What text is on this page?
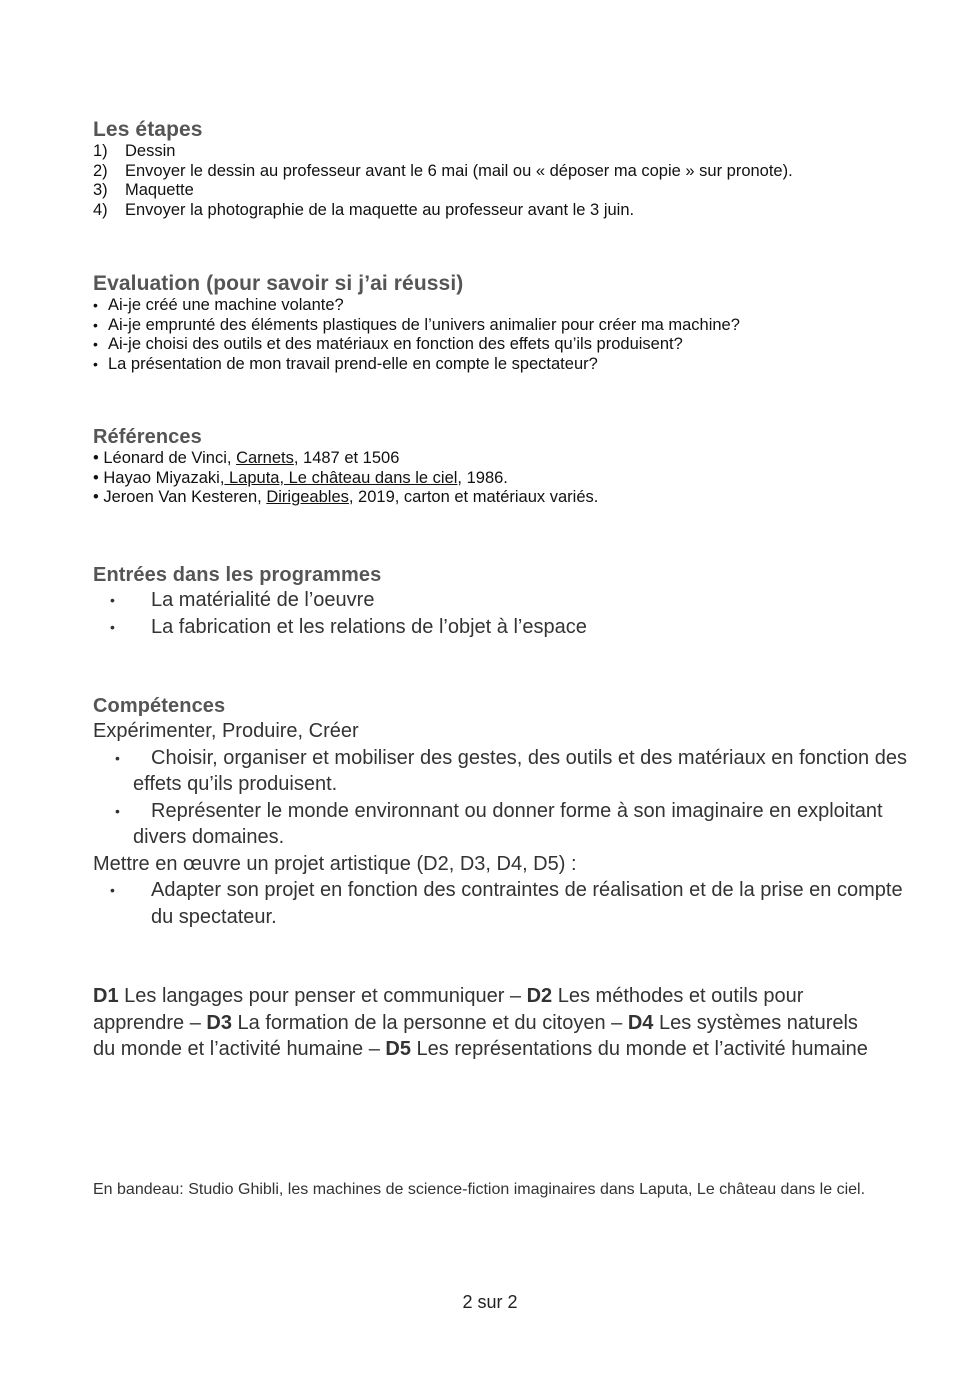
Les étapes
1) Dessin
2) Envoyer le dessin au professeur avant le 6 mai (mail ou « déposer ma copie » sur pronote).
3) Maquette
4) Envoyer la photographie de la maquette au professeur avant le 3 juin.
Evaluation (pour savoir si j’ai réussi)
• Ai-je créé une machine volante?
• Ai-je emprunté des éléments plastiques de l’univers animalier pour créer ma machine?
• Ai-je choisi des outils et des matériaux en fonction des effets qu’ils produisent?
• La présentation de mon travail prend-elle en compte le spectateur?
Références
• Léonard de Vinci, Carnets, 1487 et 1506
• Hayao Miyazaki, Laputa, Le château dans le ciel, 1986.
• Jeroen Van Kesteren, Dirigeables, 2019, carton et matériaux variés.
Entrées dans les programmes
• La matérialité de l’oeuvre
• La fabrication et les relations de l’objet à l’espace
Compétences
Expérimenter, Produire, Créer
• Choisir, organiser et mobiliser des gestes, des outils et des matériaux en fonction des effets qu’ils produisent.
• Représenter le monde environnant ou donner forme à son imaginaire en exploitant divers domaines.
Mettre en œuvre un projet artistique (D2, D3, D4, D5) :
• Adapter son projet en fonction des contraintes de réalisation et de la prise en compte du spectateur.
D1 Les langages pour penser et communiquer – D2 Les méthodes et outils pour apprendre – D3 La formation de la personne et du citoyen – D4 Les systèmes naturels du monde et l’activité humaine – D5 Les représentations du monde et l’activité humaine
En bandeau: Studio Ghibli, les machines de science-fiction imaginaires dans Laputa, Le château dans le ciel.
2 sur 2
